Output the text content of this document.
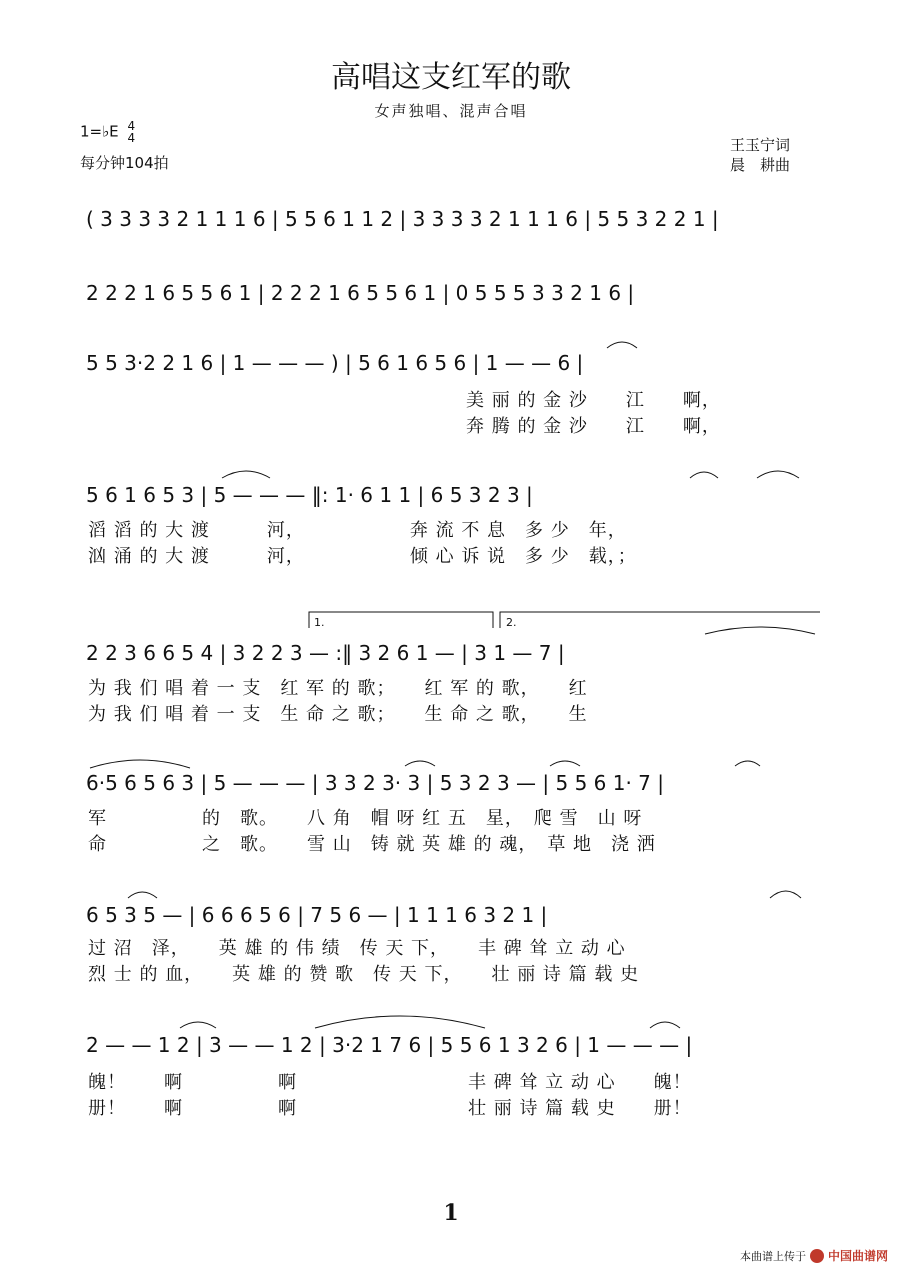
高唱这支红军的歌
女声独唱、混声合唱
1=♭E 4
4
每分钟104拍
王玉宁词
晨　耕曲
( 3 3 3 3 2 1 1 1 6 | 5 5 6 1 1 2 | 3 3 3 3 2 1 1 1 6 | 5 5 3 2 2 1 |
2 2 2 1 6 5 5 6 1 | 2 2 2 1 6 5 5 6 1 | 0 5 5 5 3 3 2 1 6 |
5 5 3·2 2 1 6 | 1 — — — ) | 5 6 1 6 5 6 | 1 — — 6 |
5 6 1 6 5 3 | 5 — — — ‖: 1· 6 1 1 | 6 5 3 2 3 |
2 2 3 6 6 5 4 | 3 2 2 3 — :‖ 3 2 6 1 — | 3 1 — 7 |
6·5 6 5 6 3 | 5 — — — | 3 3 2 3· 3 | 5 3 2 3 — | 5 5 6 1· 7 |
6 5 3 5 — | 6 6 6 5 6 | 7 5 6 — | 1 1 1 6 3 2 1 |
2 — — 1 2 | 3 — — 1 2 | 3·2 1 7 6 | 5 5 6 1 3 2 6 | 1 — — — |
美 丽 的 金 沙　　江　　啊，
奔 腾 的 金 沙　　江　　啊，
滔 滔 的 大 渡　　　河，　　　　　　奔 流 不 息　多 少　年，
汹 涌 的 大 渡　　　河，　　　　　　倾 心 诉 说　多 少　载，；
为 我 们 唱 着 一 支　红 军 的 歌；　　红 军 的 歌，　　红
为 我 们 唱 着 一 支　生 命 之 歌；　　生 命 之 歌，　　生
军　　　　　的　歌。　　八 角　帽 呀 红 五　星，　爬 雪　山 呀
命　　　　　之　歌。　　雪 山　铸 就 英 雄 的 魂，　草 地　浇 洒
过 沼　泽，　　英 雄 的 伟 绩　传 天 下，　　丰 碑 耸 立 动 心
烈 士 的 血，　　英 雄 的 赞 歌　传 天 下，　　壮 丽 诗 篇 载 史
魄！　　啊　　　　　啊　　　　　　　　　丰 碑 耸 立 动 心　　魄！
册！　　啊　　　　　啊　　　　　　　　　壮 丽 诗 篇 载 史　　册！
1.	2.
1
本曲谱上传于 中国曲谱网
